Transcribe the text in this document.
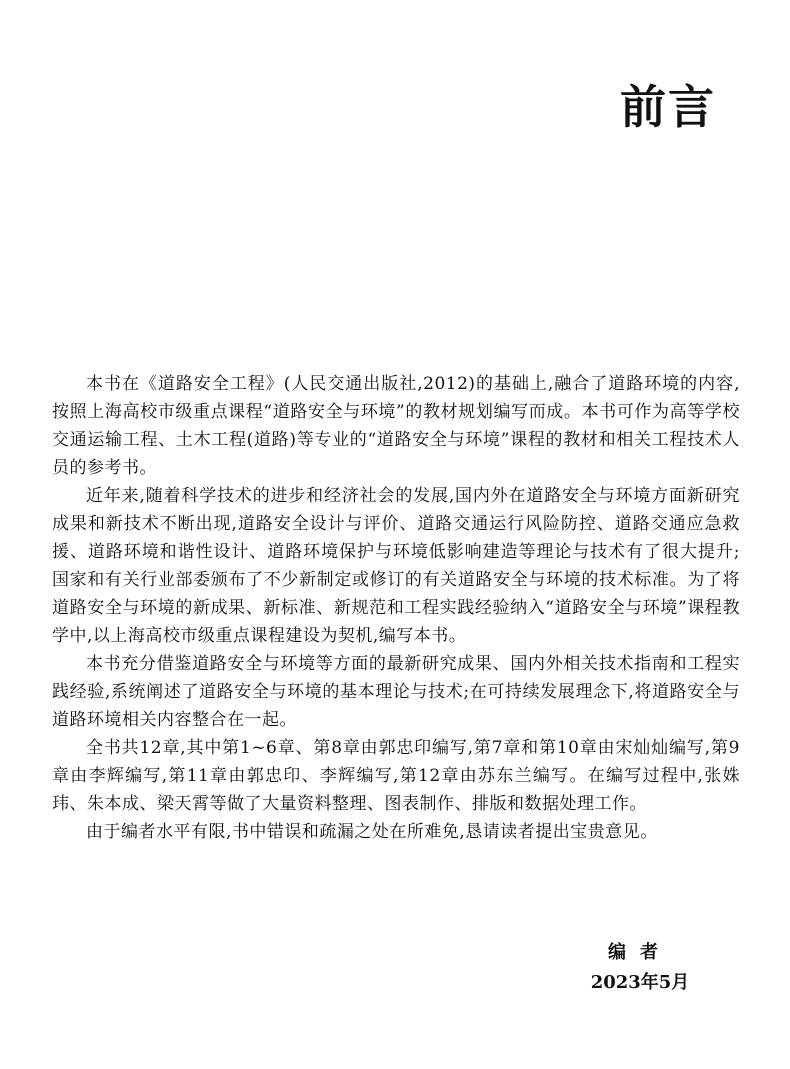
前言

本书在《道路安全工程》(人民交通出版社,2012)的基础上,融合了道路环境的内容,按照上海高校市级重点课程“道路安全与环境”的教材规划编写而成。本书可作为高等学校交通运输工程、土木工程(道路)等专业的“道路安全与环境”课程的教材和相关工程技术人员的参考书。

近年来,随着科学技术的进步和经济社会的发展,国内外在道路安全与环境方面新研究成果和新技术不断出现,道路安全设计与评价、道路交通运行风险防控、道路交通应急救援、道路环境和谐性设计、道路环境保护与环境低影响建造等理论与技术有了很大提升;国家和有关行业部委颁布了不少新制定或修订的有关道路安全与环境的技术标准。为了将道路安全与环境的新成果、新标准、新规范和工程实践经验纳入“道路安全与环境”课程教学中,以上海高校市级重点课程建设为契机,编写本书。

本书充分借鉴道路安全与环境等方面的最新研究成果、国内外相关技术指南和工程实践经验,系统阐述了道路安全与环境的基本理论与技术;在可持续发展理念下,将道路安全与道路环境相关内容整合在一起。

全书共12章,其中第1~6章、第8章由郭忠印编写,第7章和第10章由宋灿灿编写,第9章由李辉编写,第11章由郭忠印、李辉编写,第12章由苏东兰编写。在编写过程中,张姝玮、朱本成、梁天霄等做了大量资料整理、图表制作、排版和数据处理工作。

由于编者水平有限,书中错误和疏漏之处在所难免,恳请读者提出宝贵意见。

编者
2023年5月
